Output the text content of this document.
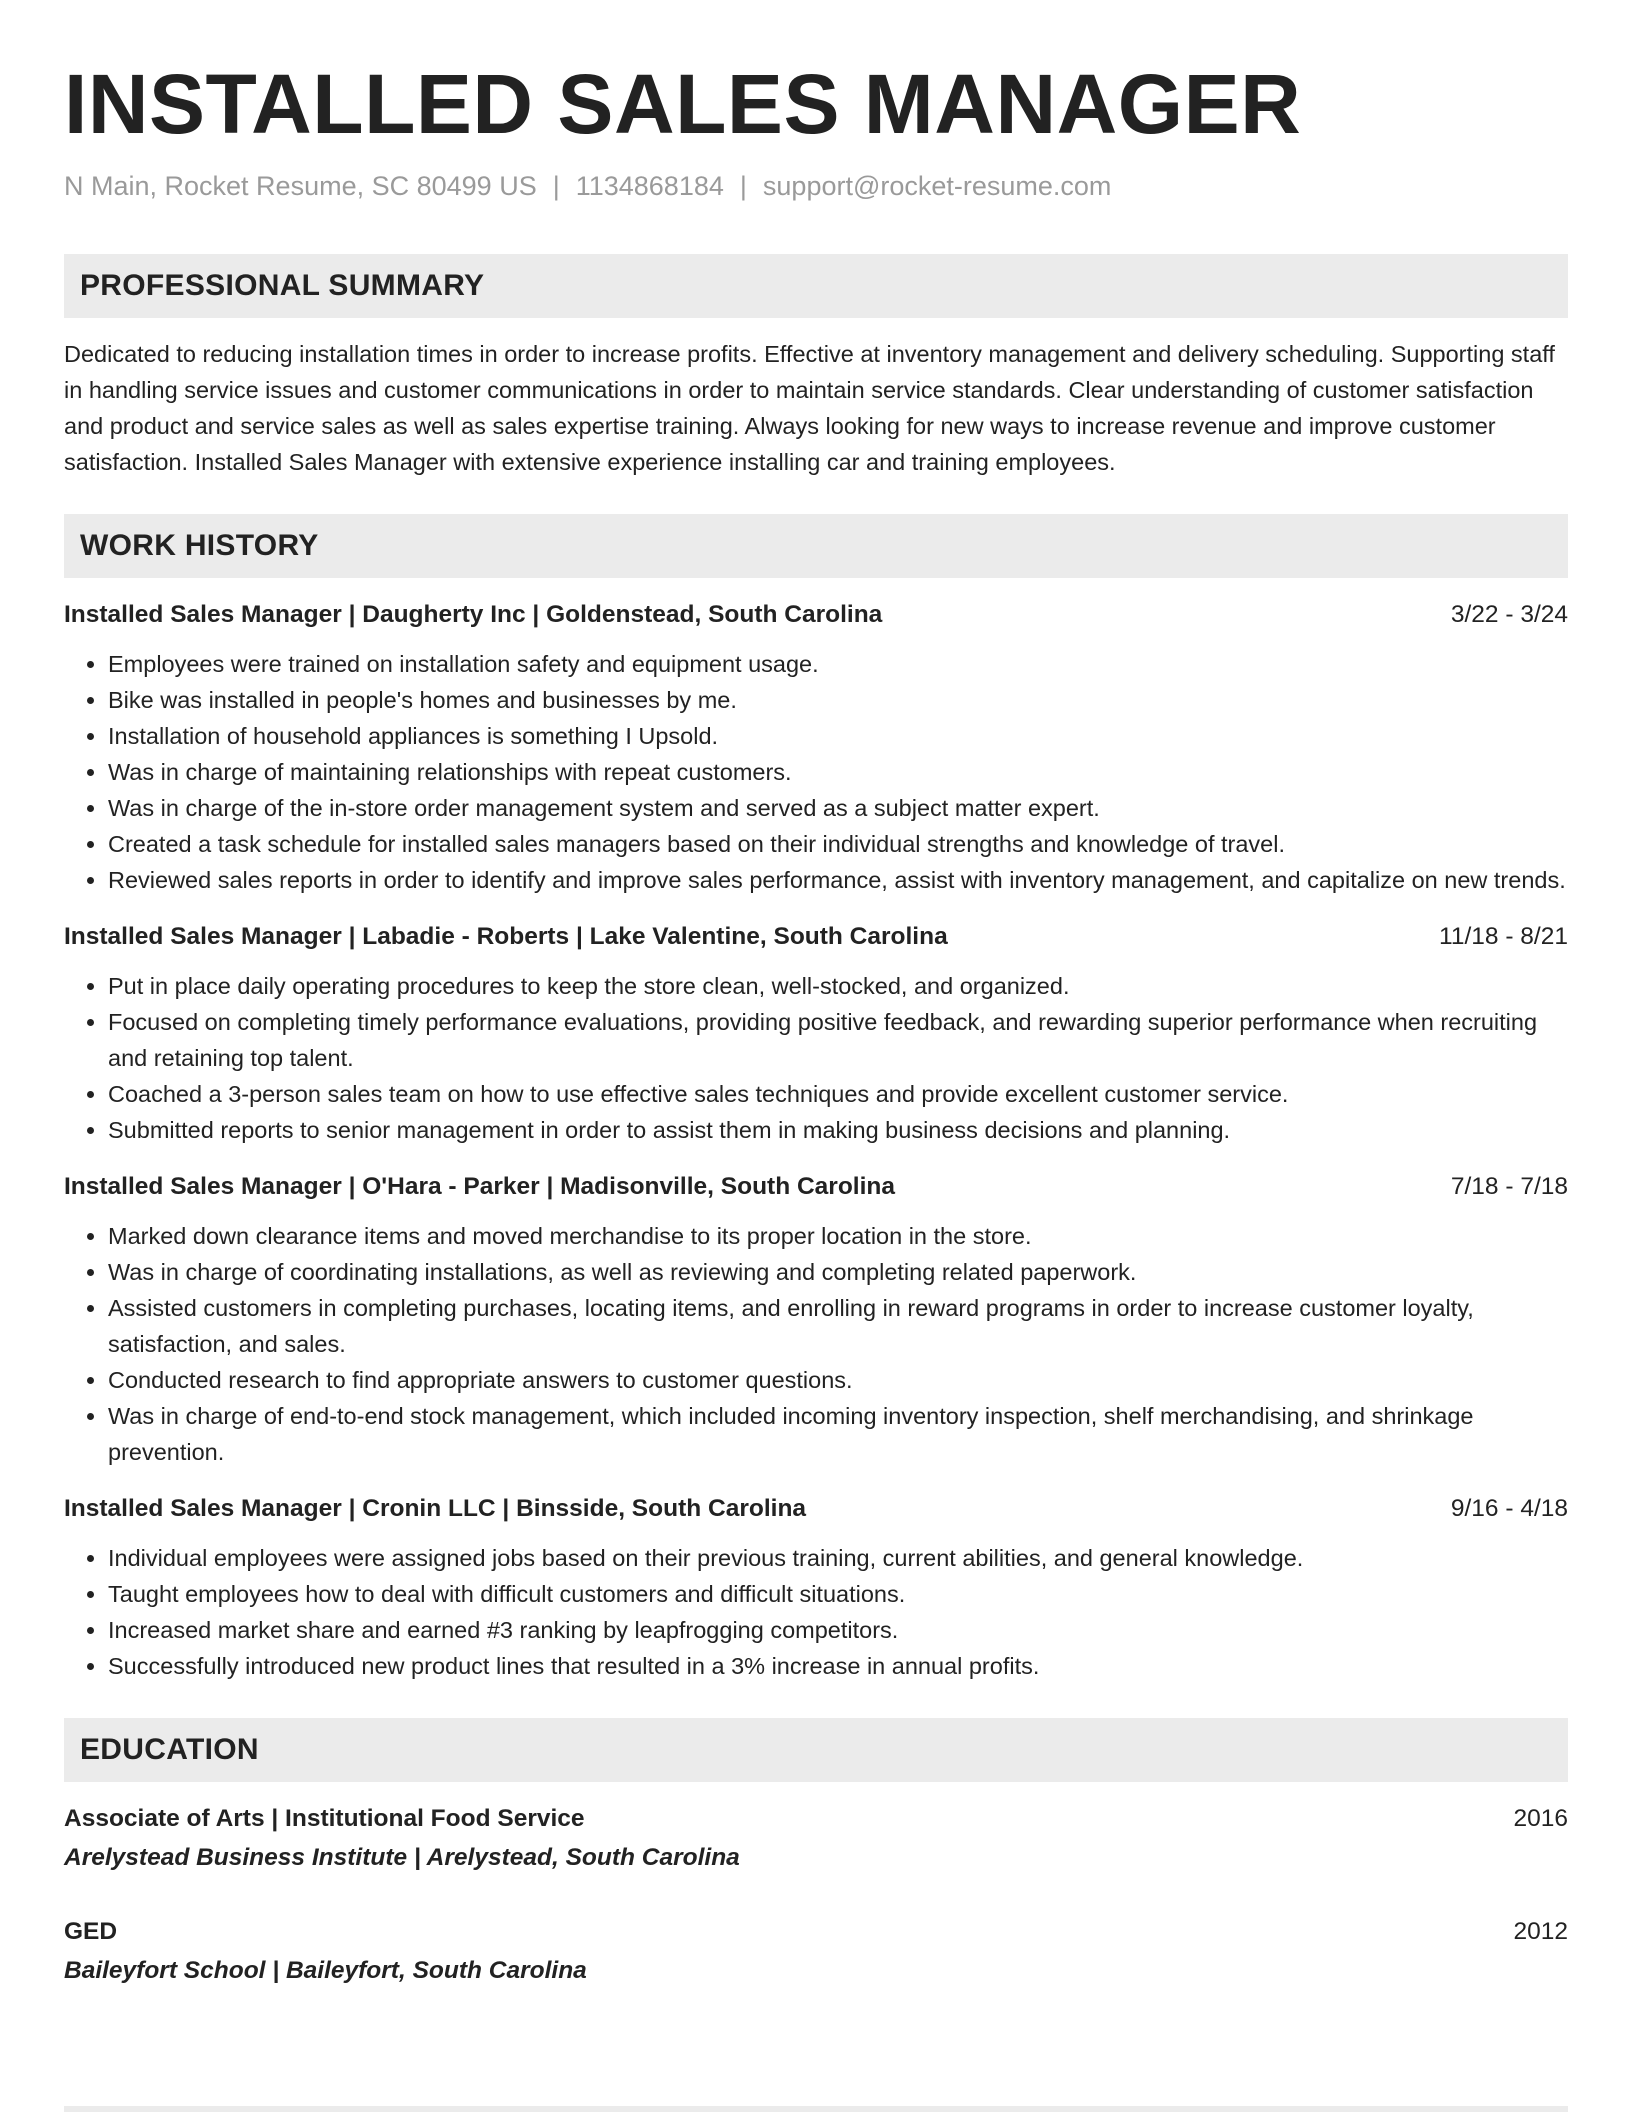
INSTALLED SALES MANAGER
N Main, Rocket Resume, SC 80499 US | 1134868184 | support@rocket-resume.com
PROFESSIONAL SUMMARY

Dedicated to reducing installation times in order to increase profits. Effective at inventory management and delivery scheduling. Supporting staff in handling service issues and customer communications in order to maintain service standards. Clear understanding of customer satisfaction and product and service sales as well as sales expertise training. Always looking for new ways to increase revenue and improve customer satisfaction. Installed Sales Manager with extensive experience installing car and training employees.

WORK HISTORY
Installed Sales Manager | Daugherty Inc | Goldenstead, South Carolina	3/22 - 3/24
• Employees were trained on installation safety and equipment usage.
• Bike was installed in people's homes and businesses by me.
• Installation of household appliances is something I Upsold.
• Was in charge of maintaining relationships with repeat customers.
• Was in charge of the in-store order management system and served as a subject matter expert.
• Created a task schedule for installed sales managers based on their individual strengths and knowledge of travel.
• Reviewed sales reports in order to identify and improve sales performance, assist with inventory management, and capitalize on new trends.
Installed Sales Manager | Labadie - Roberts | Lake Valentine, South Carolina	11/18 - 8/21
• Put in place daily operating procedures to keep the store clean, well-stocked, and organized.
• Focused on completing timely performance evaluations, providing positive feedback, and rewarding superior performance when recruiting and retaining top talent.
• Coached a 3-person sales team on how to use effective sales techniques and provide excellent customer service.
• Submitted reports to senior management in order to assist them in making business decisions and planning.
Installed Sales Manager | O'Hara - Parker | Madisonville, South Carolina	7/18 - 7/18
• Marked down clearance items and moved merchandise to its proper location in the store.
• Was in charge of coordinating installations, as well as reviewing and completing related paperwork.
• Assisted customers in completing purchases, locating items, and enrolling in reward programs in order to increase customer loyalty, satisfaction, and sales.
• Conducted research to find appropriate answers to customer questions.
• Was in charge of end-to-end stock management, which included incoming inventory inspection, shelf merchandising, and shrinkage prevention.
Installed Sales Manager | Cronin LLC | Binsside, South Carolina	9/16 - 4/18
• Individual employees were assigned jobs based on their previous training, current abilities, and general knowledge.
• Taught employees how to deal with difficult customers and difficult situations.
• Increased market share and earned #3 ranking by leapfrogging competitors.
• Successfully introduced new product lines that resulted in a 3% increase in annual profits.
EDUCATION
Associate of Arts | Institutional Food Service	2016
Arelystead Business Institute | Arelystead, South Carolina
GED	2012
Baileyfort School | Baileyfort, South Carolina
